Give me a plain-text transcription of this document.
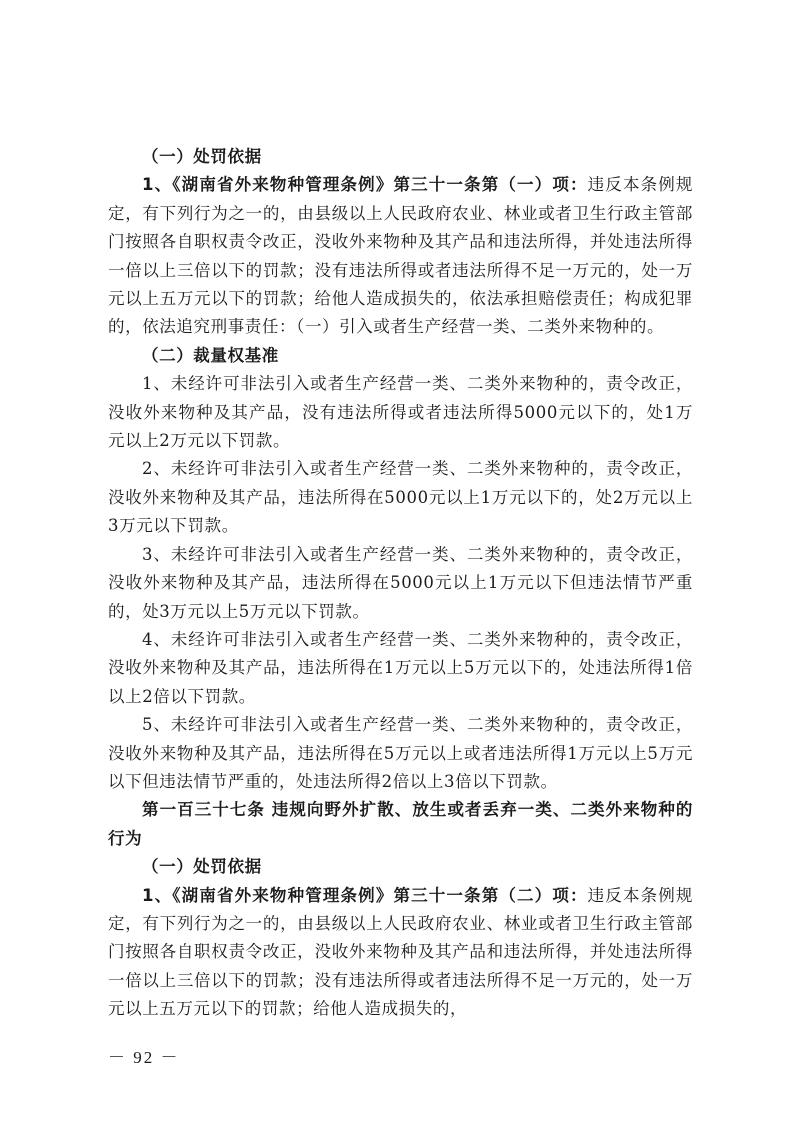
（一）处罚依据

1、《湖南省外来物种管理条例》第三十一条第（一）项：违反本条例规定，有下列行为之一的，由县级以上人民政府农业、林业或者卫生行政主管部门按照各自职权责令改正，没收外来物种及其产品和违法所得，并处违法所得一倍以上三倍以下的罚款；没有违法所得或者违法所得不足一万元的，处一万元以上五万元以下的罚款；给他人造成损失的，依法承担赔偿责任；构成犯罪的，依法追究刑事责任：（一）引入或者生产经营一类、二类外来物种的。

（二）裁量权基准

1、未经许可非法引入或者生产经营一类、二类外来物种的，责令改正，没收外来物种及其产品，没有违法所得或者违法所得5000元以下的，处1万元以上2万元以下罚款。

2、未经许可非法引入或者生产经营一类、二类外来物种的，责令改正，没收外来物种及其产品，违法所得在5000元以上1万元以下的，处2万元以上3万元以下罚款。

3、未经许可非法引入或者生产经营一类、二类外来物种的，责令改正，没收外来物种及其产品，违法所得在5000元以上1万元以下但违法情节严重的，处3万元以上5万元以下罚款。

4、未经许可非法引入或者生产经营一类、二类外来物种的，责令改正，没收外来物种及其产品，违法所得在1万元以上5万元以下的，处违法所得1倍以上2倍以下罚款。

5、未经许可非法引入或者生产经营一类、二类外来物种的，责令改正，没收外来物种及其产品，违法所得在5万元以上或者违法所得1万元以上5万元以下但违法情节严重的，处违法所得2倍以上3倍以下罚款。

第一百三十七条 违规向野外扩散、放生或者丢弃一类、二类外来物种的行为

（一）处罚依据

1、《湖南省外来物种管理条例》第三十一条第（二）项：违反本条例规定，有下列行为之一的，由县级以上人民政府农业、林业或者卫生行政主管部门按照各自职权责令改正，没收外来物种及其产品和违法所得，并处违法所得一倍以上三倍以下的罚款；没有违法所得或者违法所得不足一万元的，处一万元以上五万元以下的罚款；给他人造成损失的，

－ 92 －
